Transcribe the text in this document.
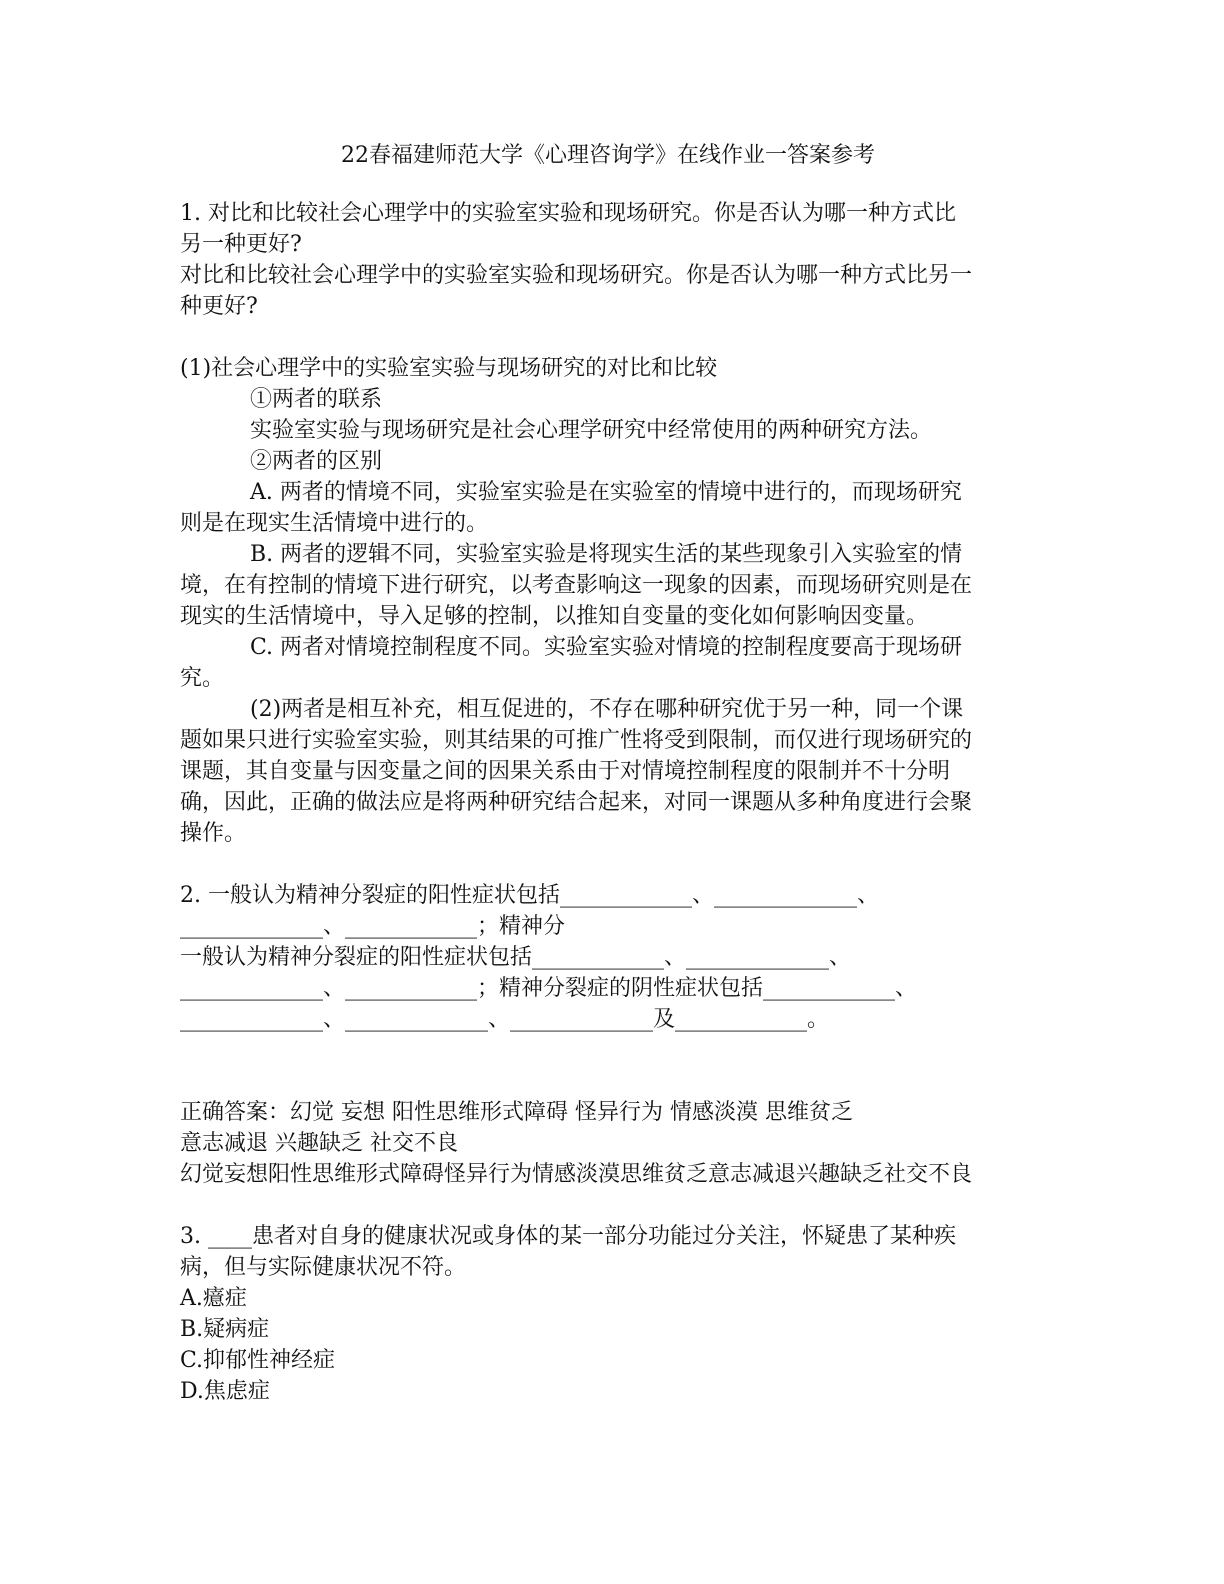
22春福建师范大学《心理咨询学》在线作业一答案参考

1. 对比和比较社会心理学中的实验室实验和现场研究。你是否认为哪一种方式比

另一种更好?

对比和比较社会心理学中的实验室实验和现场研究。你是否认为哪一种方式比另一

种更好?

(1)社会心理学中的实验室实验与现场研究的对比和比较

①两者的联系

实验室实验与现场研究是社会心理学研究中经常使用的两种研究方法。

②两者的区别

A. 两者的情境不同，实验室实验是在实验室的情境中进行的，而现场研究

则是在现实生活情境中进行的。

B. 两者的逻辑不同，实验室实验是将现实生活的某些现象引入实验室的情

境，在有控制的情境下进行研究，以考查影响这一现象的因素，而现场研究则是在

现实的生活情境中，导入足够的控制，以推知自变量的变化如何影响因变量。

C. 两者对情境控制程度不同。实验室实验对情境的控制程度要高于现场研

究。

(2)两者是相互补充，相互促进的，不存在哪种研究优于另一种，同一个课

题如果只进行实验室实验，则其结果的可推广性将受到限制，而仅进行现场研究的

课题，其自变量与因变量之间的因果关系由于对情境控制程度的限制并不十分明

确，因此，正确的做法应是将两种研究结合起来，对同一课题从多种角度进行会聚

操作。

2. 一般认为精神分裂症的阳性症状包括____________、_____________、

_____________、____________；精神分

一般认为精神分裂症的阳性症状包括____________、_____________、

_____________、____________；精神分裂症的阴性症状包括____________、

_____________、_____________、_____________及____________。

正确答案：幻觉 妄想 阳性思维形式障碍 怪异行为 情感淡漠 思维贫乏

意志减退 兴趣缺乏 社交不良

幻觉妄想阳性思维形式障碍怪异行为情感淡漠思维贫乏意志减退兴趣缺乏社交不良

3. ____患者对自身的健康状况或身体的某一部分功能过分关注，怀疑患了某种疾

病，但与实际健康状况不符。

A.癔症

B.疑病症

C.抑郁性神经症

D.焦虑症
